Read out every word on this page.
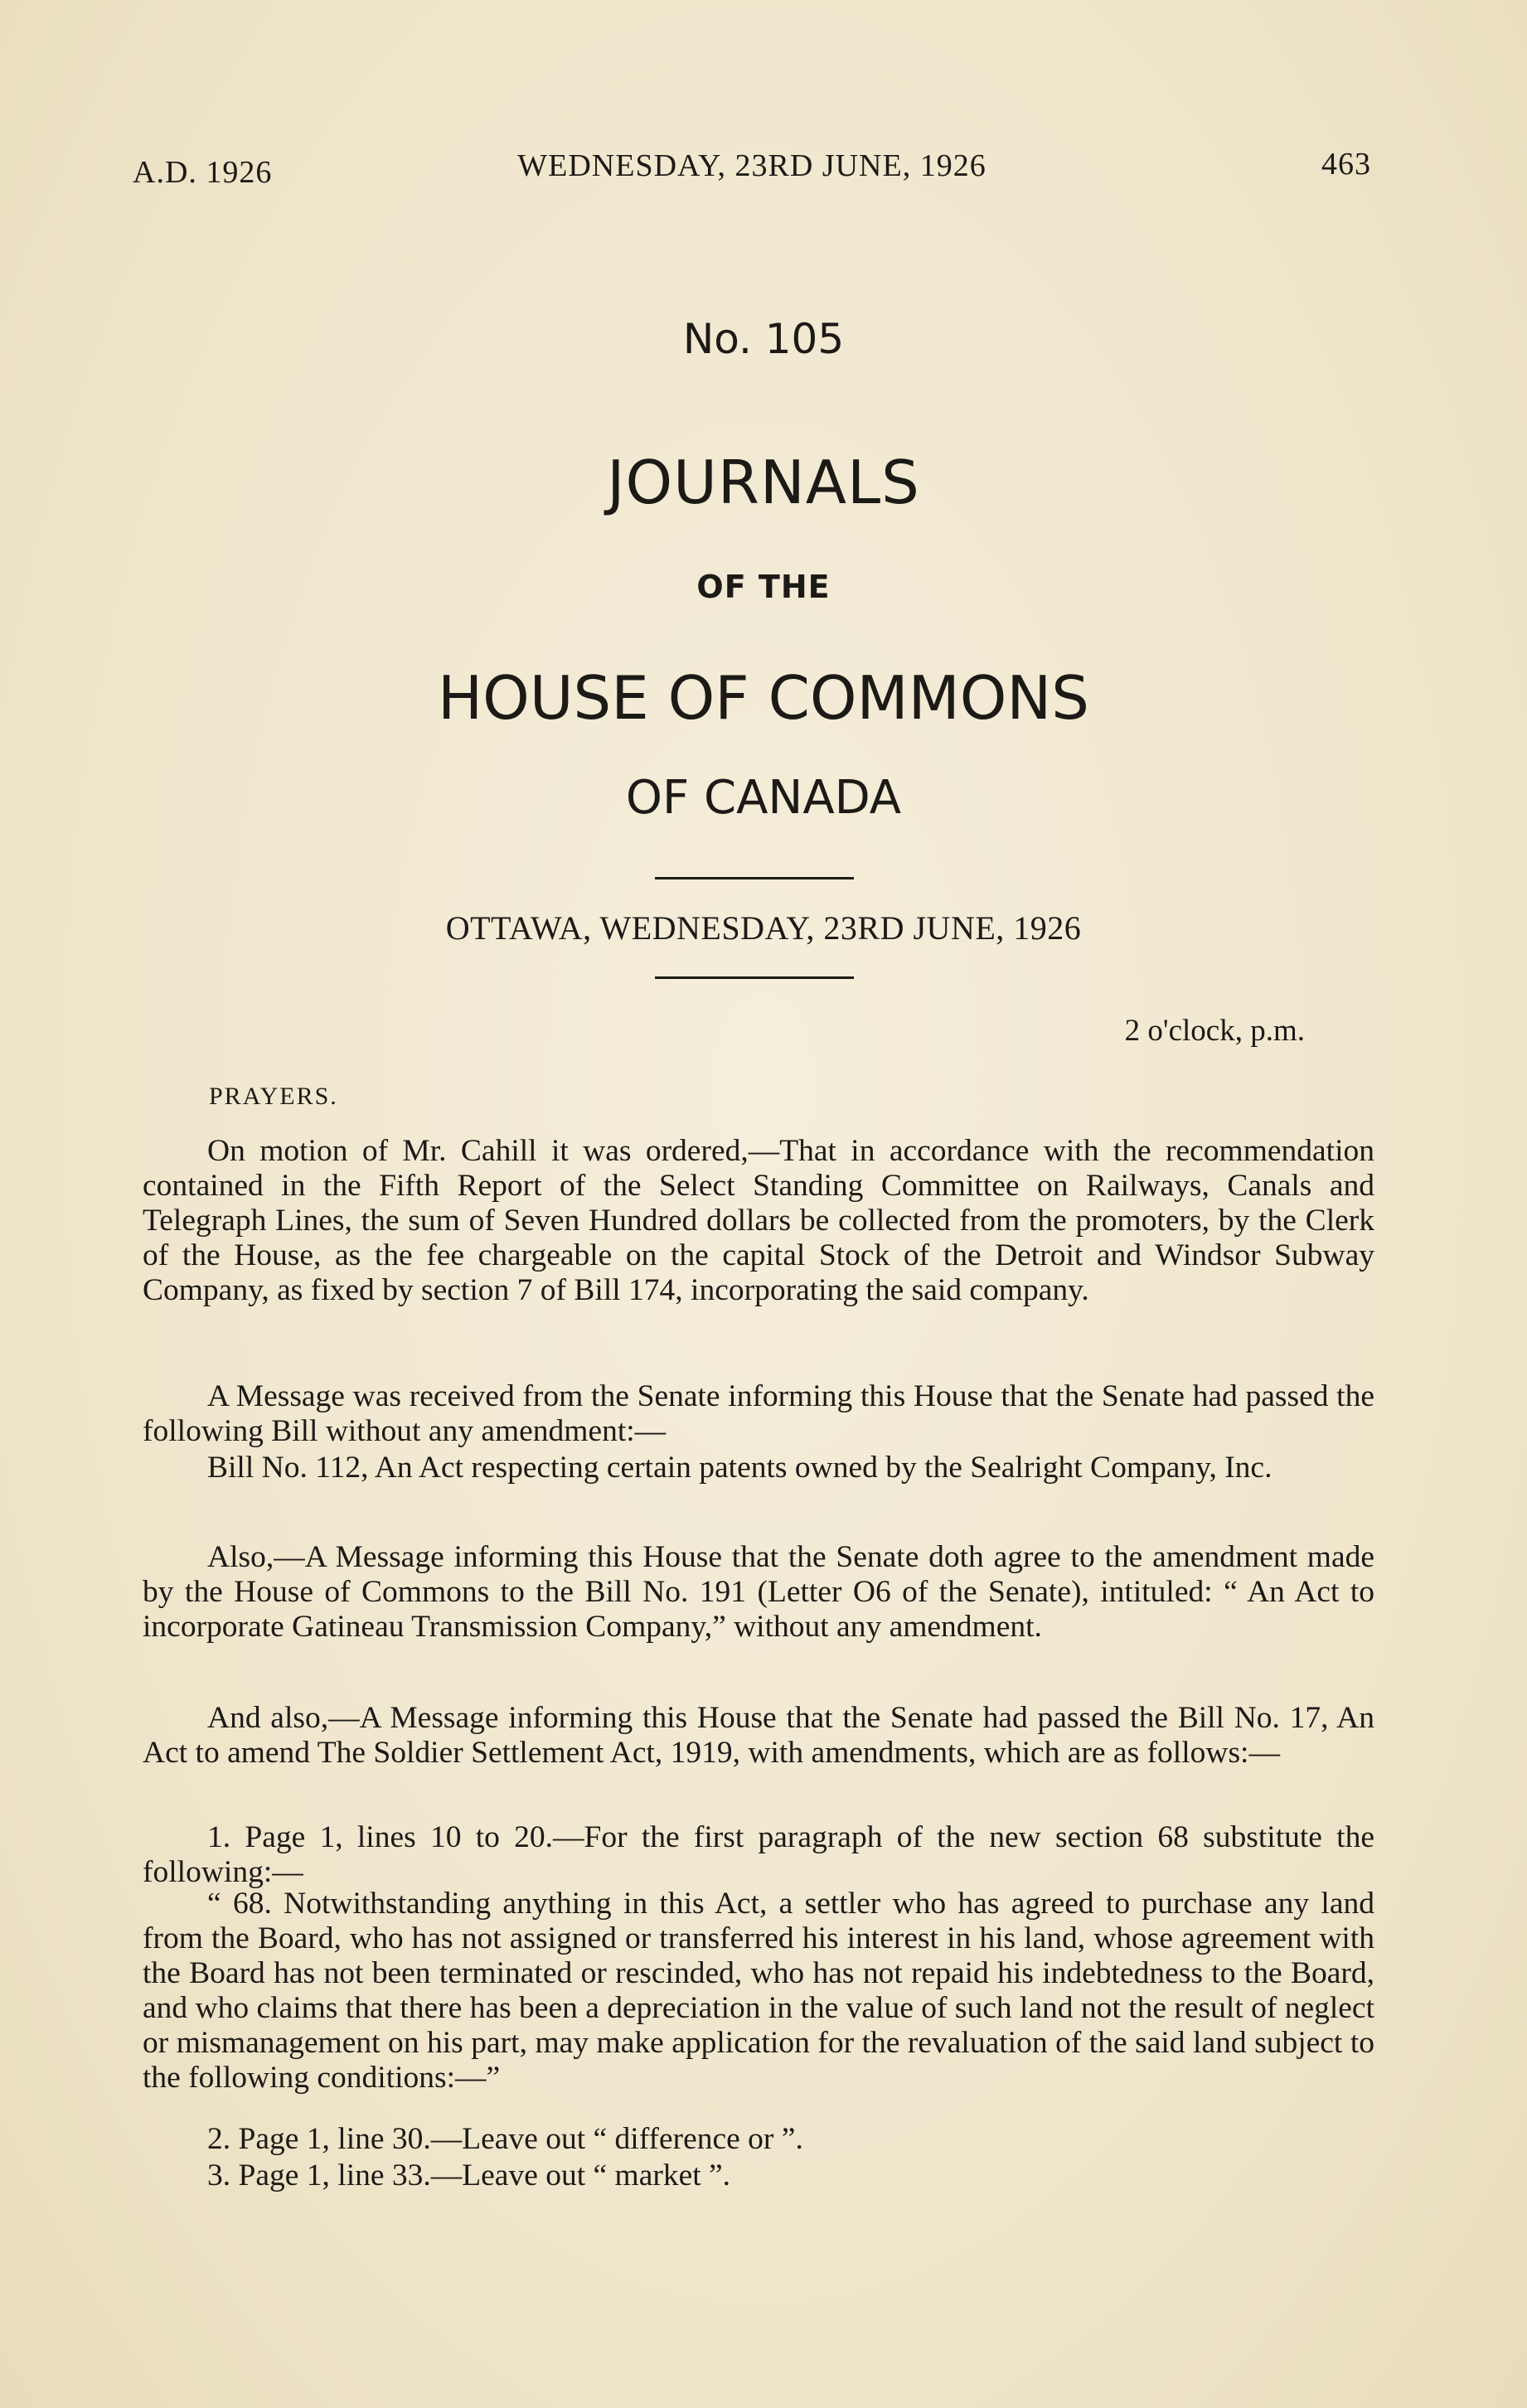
A.D. 1926	WEDNESDAY, 23RD JUNE, 1926	463
No. 105
JOURNALS
OF THE
HOUSE OF COMMONS
OF CANADA
OTTAWA, WEDNESDAY, 23RD JUNE, 1926
2 o'clock, p.m.
PRAYERS.

On motion of Mr. Cahill it was ordered,—That in accordance with the recommendation contained in the Fifth Report of the Select Standing Committee on Railways, Canals and Telegraph Lines, the sum of Seven Hundred dollars be collected from the promoters, by the Clerk of the House, as the fee chargeable on the capital Stock of the Detroit and Windsor Subway Company, as fixed by section 7 of Bill 174, incorporating the said company.

A Message was received from the Senate informing this House that the Senate had passed the following Bill without any amendment:—

Bill No. 112, An Act respecting certain patents owned by the Sealright Company, Inc.

Also,—A Message informing this House that the Senate doth agree to the amendment made by the House of Commons to the Bill No. 191 (Letter O6 of the Senate), intituled: “ An Act to incorporate Gatineau Transmission Company,” without any amendment.

And also,—A Message informing this House that the Senate had passed the Bill No. 17, An Act to amend The Soldier Settlement Act, 1919, with amendments, which are as follows:—

1. Page 1, lines 10 to 20.—For the first paragraph of the new section 68 substitute the following:—

“ 68. Notwithstanding anything in this Act, a settler who has agreed to purchase any land from the Board, who has not assigned or transferred his interest in his land, whose agreement with the Board has not been terminated or rescinded, who has not repaid his indebtedness to the Board, and who claims that there has been a depreciation in the value of such land not the result of neglect or mismanagement on his part, may make application for the revaluation of the said land subject to the following conditions:—”

2. Page 1, line 30.—Leave out “ difference or ”.

3. Page 1, line 33.—Leave out “ market ”.
